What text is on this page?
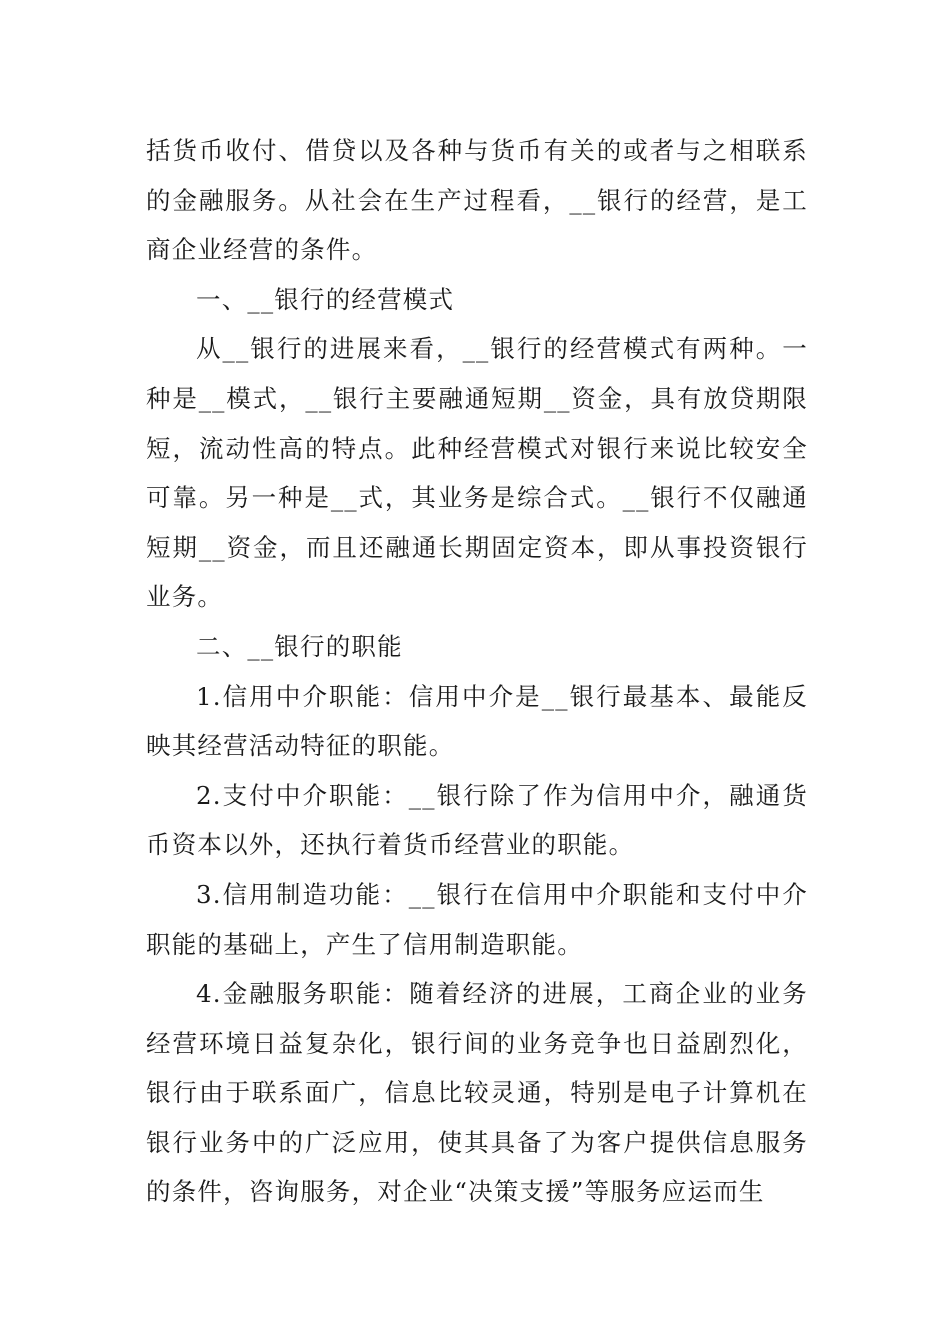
括货币收付、借贷以及各种与货币有关的或者与之相联系的金融服务。从社会在生产过程看，__银行的经营，是工商企业经营的条件。

一、__银行的经营模式

从__银行的进展来看，__银行的经营模式有两种。一种是__模式，__银行主要融通短期__资金，具有放贷期限短，流动性高的特点。此种经营模式对银行来说比较安全可靠。另一种是__式，其业务是综合式。__银行不仅融通短期__资金，而且还融通长期固定资本，即从事投资银行业务。

二、__银行的职能

1.信用中介职能：信用中介是__银行最基本、最能反映其经营活动特征的职能。

2.支付中介职能：__银行除了作为信用中介，融通货币资本以外，还执行着货币经营业的职能。

3.信用制造功能：__银行在信用中介职能和支付中介职能的基础上，产生了信用制造职能。

4.金融服务职能：随着经济的进展，工商企业的业务经营环境日益复杂化，银行间的业务竞争也日益剧烈化，银行由于联系面广，信息比较灵通，特别是电子计算机在银行业务中的广泛应用，使其具备了为客户提供信息服务的条件，咨询服务，对企业“决策支援”等服务应运而生
